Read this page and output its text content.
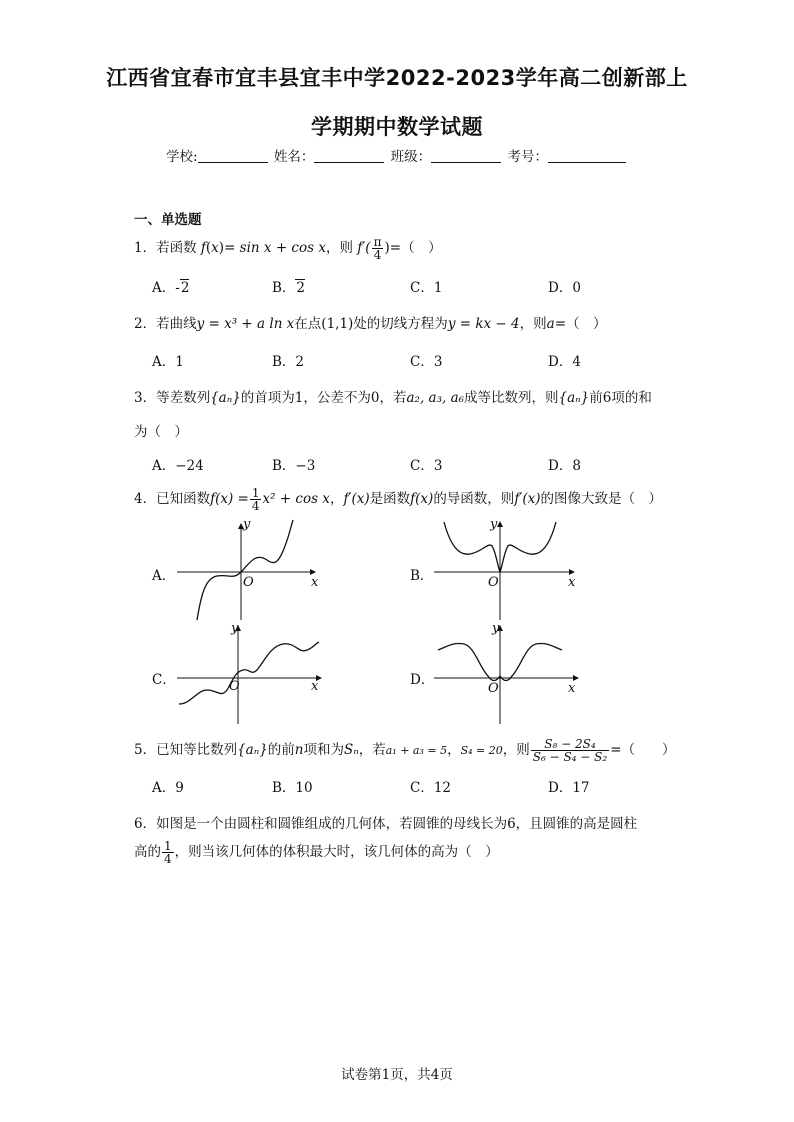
江西省宜春市宜丰县宜丰中学2022-2023学年高二创新部上
学期期中数学试题
学校:	姓名：	班级：	考号：
一、单选题
1．若函数 f(x)= sin x + cos x，则 $f'( \frac{\pi}{4}$ )=（　）
A．-2	B．2	C．1	D．0
2．若曲线y = x³ + a ln x在点(1,1)处的切线方程为y = kx − 4，则a=（　）
A．1	B．2	C．3	D．4
3．等差数列{aₙ}的首项为1，公差不为0，若a₂, a₃, a₆成等比数列，则{aₙ}前6项的和
为（　）
A．−24	B．−3	C．3	D．8
4．已知函数$f(x) = \frac{1}{4} x^2 + \cos x$，f′(x)是函数f(x)的导函数，则f′(x)的图像大致是（　）
A．
y
x
O	B．
y
x
O
C．
y
x
O	D．
y
x
O
5．已知等比数列{aₙ}的前n项和为Sₙ，若a₁ + a₃ = 5，S₄ = 20，则 $\frac{\text{S₈ − 2S₄}}{\text{S₆ − S₄ − S₂}}$ =（　　）
A．9	B．10	C．12	D．17
6．如图是一个由圆柱和圆锥组成的几何体，若圆锥的母线长为6，且圆锥的高是圆柱
高的 $\frac{1}{4}$ ，则当该几何体的体积最大时，该几何体的高为（　）
试卷第1页，共4页
